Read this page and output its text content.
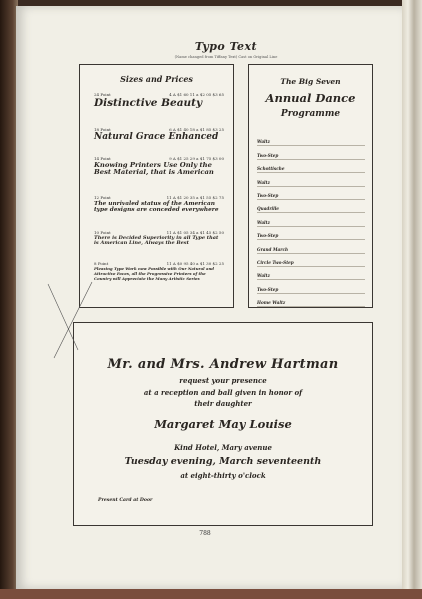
Typo Text
(Name changed from Tiffany Text) Cast on Original Line
Sizes and Prices
24 Point	4 A $1 60 11 a $2 05 $3 65
Distinctive Beauty
18 Point	6 A $1 40 18 a $1 85 $3 25
Natural Grace Enhanced
14 Point	9 A $1 25 29 a $1 75 $3 00
Knowing Printers Use Only the Best Material, that is American
12 Point	11 A $1 20 35 a $1 55 $2 75
The unrivaled status of the American type designs are conceded everywhere
10 Point	11 A $1 05 34 a $1 45 $2 50
There is Decided Superiority in all Type that is American Line, Always the Best
8 Point	11 A $0 95 40 a $1 30 $2 25
Pleasing Type Work now Possible with Our Natural and Attractive Faces, all the Progressive Printers of the Country will Appreciate the Many Artistic Series
The Big Seven
Annual Dance
Programme
Waltz
Two-Step
Schottische
Waltz
Two-Step
Quadrille
Waltz
Two-Step
Grand March
Circle Two-Step
Waltz
Two-Step
Home Waltz
Mr. and Mrs. Andrew Hartman
request your presence
at a reception and ball given in honor of
their daughter
Margaret May Louise
Kind Hotel, Mary avenue
Tuesday evening, March seventeenth
at eight-thirty o'clock
Present Card at Door
788
